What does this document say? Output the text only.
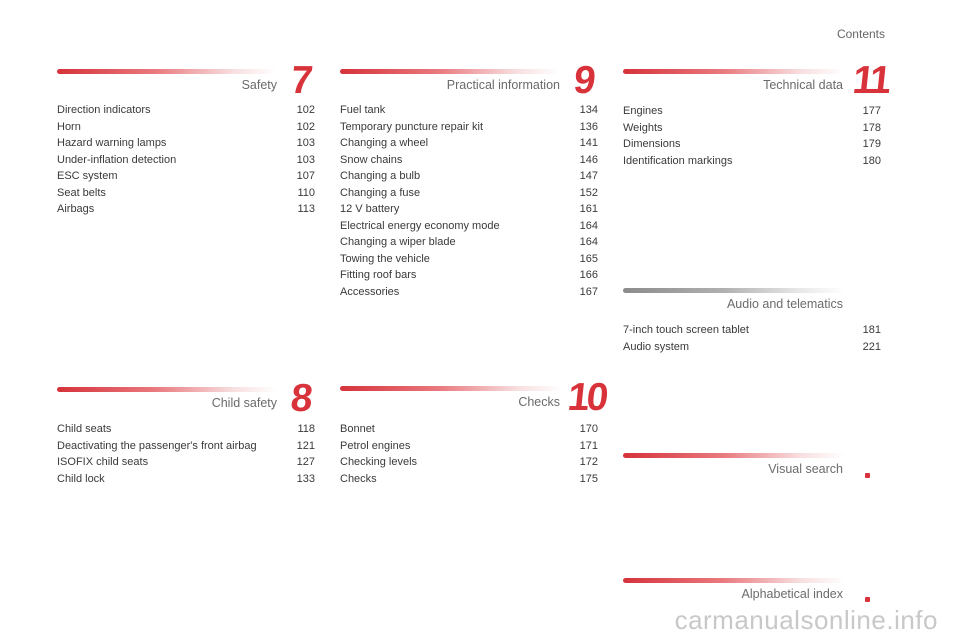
Contents
Safety 7
Direction indicators	102
Horn	102
Hazard warning lamps	103
Under-inflation detection	103
ESC system	107
Seat belts	110
Airbags	113
Child safety 8
Child seats	118
Deactivating the passenger's front airbag	121
ISOFIX child seats	127
Child lock	133
Practical information 9
Fuel tank	134
Temporary puncture repair kit	136
Changing a wheel	141
Snow chains	146
Changing a bulb	147
Changing a fuse	152
12 V battery	161
Electrical energy economy mode	164
Changing a wiper blade	164
Towing the vehicle	165
Fitting roof bars	166
Accessories	167
Checks 10
Bonnet	170
Petrol engines	171
Checking levels	172
Checks	175
Technical data 11
Engines	177
Weights	178
Dimensions	179
Identification markings	180
Audio and telematics
7-inch touch screen tablet	181
Audio system	221
Visual search
Alphabetical index
carmanualsonline.info
